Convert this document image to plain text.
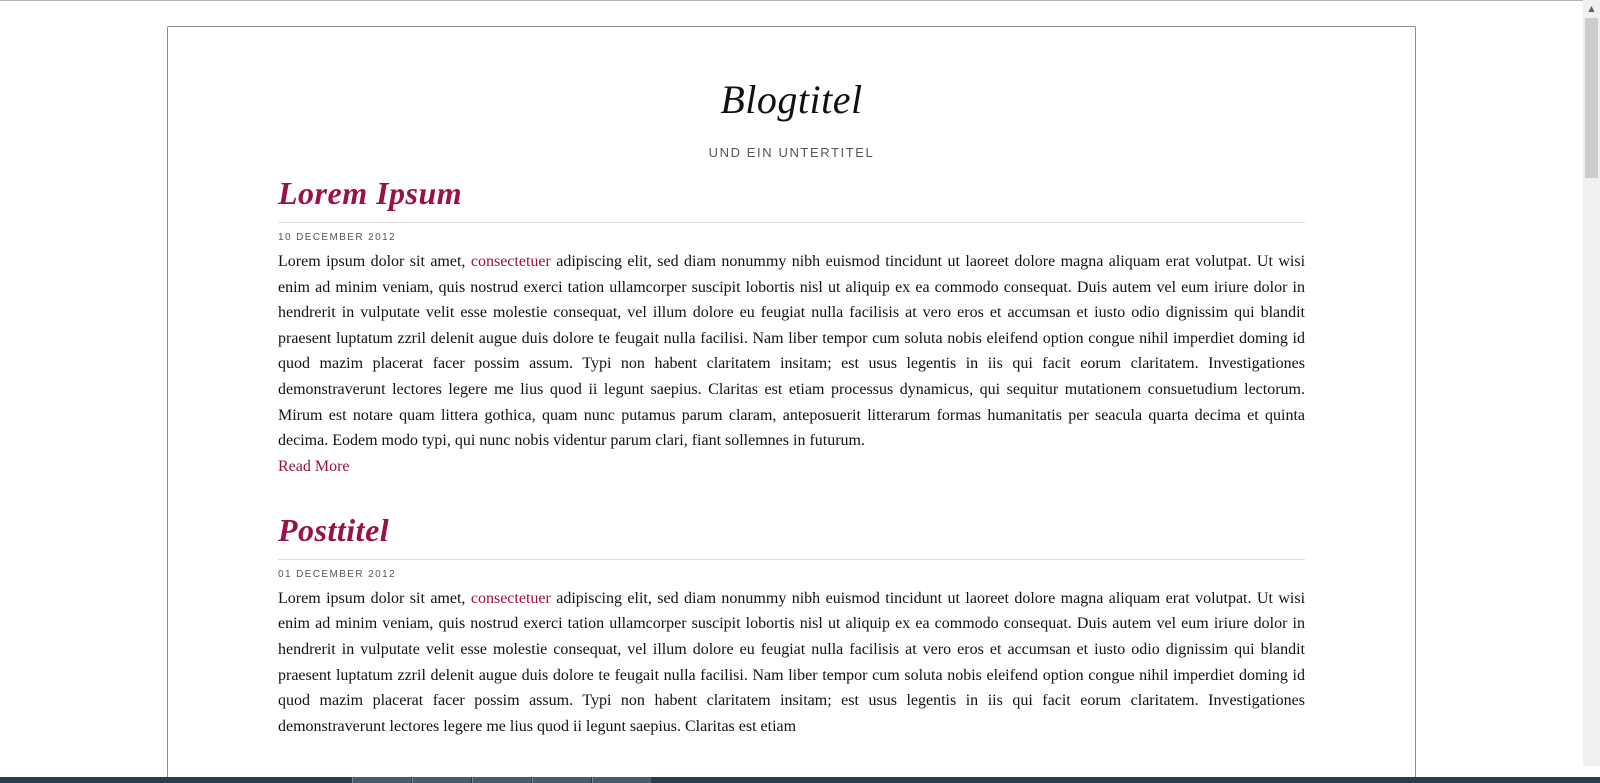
Blogtitel
UND EIN UNTERTITEL
Lorem Ipsum
10 DECEMBER 2012

Lorem ipsum dolor sit amet, consectetuer adipiscing elit, sed diam nonummy nibh euismod tincidunt ut laoreet dolore magna aliquam erat volutpat. Ut wisi enim ad minim veniam, quis nostrud exerci tation ullamcorper suscipit lobortis nisl ut aliquip ex ea commodo consequat. Duis autem vel eum iriure dolor in hendrerit in vulputate velit esse molestie consequat, vel illum dolore eu feugiat nulla facilisis at vero eros et accumsan et iusto odio dignissim qui blandit praesent luptatum zzril delenit augue duis dolore te feugait nulla facilisi. Nam liber tempor cum soluta nobis eleifend option congue nihil imperdiet doming id quod mazim placerat facer possim assum. Typi non habent claritatem insitam; est usus legentis in iis qui facit eorum claritatem. Investigationes demonstraverunt lectores legere me lius quod ii legunt saepius. Claritas est etiam processus dynamicus, qui sequitur mutationem consuetudium lectorum. Mirum est notare quam littera gothica, quam nunc putamus parum claram, anteposuerit litterarum formas humanitatis per seacula quarta decima et quinta decima. Eodem modo typi, qui nunc nobis videntur parum clari, fiant sollemnes in futurum.

Read More
Posttitel
01 DECEMBER 2012

Lorem ipsum dolor sit amet, consectetuer adipiscing elit, sed diam nonummy nibh euismod tincidunt ut laoreet dolore magna aliquam erat volutpat. Ut wisi enim ad minim veniam, quis nostrud exerci tation ullamcorper suscipit lobortis nisl ut aliquip ex ea commodo consequat. Duis autem vel eum iriure dolor in hendrerit in vulputate velit esse molestie consequat, vel illum dolore eu feugiat nulla facilisis at vero eros et accumsan et iusto odio dignissim qui blandit praesent luptatum zzril delenit augue duis dolore te feugait nulla facilisi. Nam liber tempor cum soluta nobis eleifend option congue nihil imperdiet doming id quod mazim placerat facer possim assum. Typi non habent claritatem insitam; est usus legentis in iis qui facit eorum claritatem. Investigationes demonstraverunt lectores legere me lius quod ii legunt saepius. Claritas est etiam

▲
